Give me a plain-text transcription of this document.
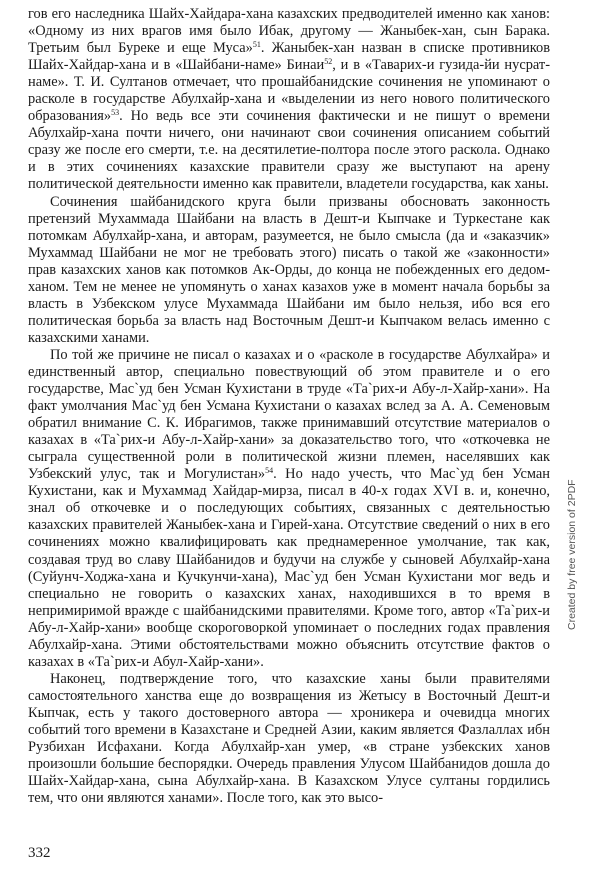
гов его наследника Шайх-Хайдара-хана казахских предводителей именно как ханов: «Одному из них врагов имя было Ибак, другому — Жаныбек-хан, сын Барака. Третьим был Буреке и еще Муса»$^{51}$. Жаныбек-хан назван в списке противников Шайх-Хайдар-хана и в «Шайбани-наме» Бинаи$^{52}$, и в «Таварих-и гузида-йи нусрат-наме». Т. И. Султанов отмечает, что прошайбанидские сочинения не упоминают о расколе в государстве Абулхайр-хана и «выделении из него нового политического образования»$^{53}$. Но ведь все эти сочинения фактически и не пишут о времени Абулхайр-хана почти ничего, они начинают свои сочинения описанием событий сразу же после его смерти, т.е. на десятилетие-полтора после этого раскола. Однако и в этих сочинениях казахские правители сразу же выступают на арену политической деятельности именно как правители, владетели государства, как ханы.

Сочинения шайбанидского круга были призваны обосновать законность претензий Мухаммада Шайбани на власть в Дешт-и Кыпчаке и Туркестане как потомкам Абулхайр-хана, и авторам, разумеется, не было смысла (да и «заказчик» Мухаммад Шайбани не мог не требовать этого) писать о такой же «законности» прав казахских ханов как потомков Ак-Орды, до конца не побежденных его дедом-ханом. Тем не менее не упомянуть о ханах казахов уже в момент начала борьбы за власть в Узбекском улусе Мухаммада Шайбани им было нельзя, ибо вся его политическая борьба за власть над Восточным Дешт-и Кыпчаком велась именно с казахскими ханами.

По той же причине не писал о казахах и о «расколе в государстве Абулхайра» и единственный автор, специально повествующий об этом правителе и о его государстве, Мас`уд бен Усман Кухистани в труде «Та`рих-и Абу-л-Хайр-хани». На факт умолчания Мас`уд бен Усмана Кухистани о казахах вслед за А. А. Семеновым обратил внимание С. К. Ибрагимов, также принимавший отсутствие материалов о казахах в «Та`рих-и Абу-л-Хайр-хани» за доказательство того, что «откочевка не сыграла существенной роли в политической жизни племен, населявших как Узбекский улус, так и Могулистан»$^{54}$. Но надо учесть, что Мас`уд бен Усман Кухистани, как и Мухаммад Хайдар-мирза, писал в 40-х годах XVI в. и, конечно, знал об откочевке и о последующих событиях, связанных с деятельностью казахских правителей Жаныбек-хана и Гирей-хана. Отсутствие сведений о них в его сочинениях можно квалифицировать как преднамеренное умолчание, так как, создавая труд во славу Шайбанидов и будучи на службе у сыновей Абулхайр-хана (Суйунч-Ходжа-хана и Кучкунчи-хана), Мас`уд бен Усман Кухистани мог ведь и специально не говорить о казахских ханах, находившихся в то время в непримиримой вражде с шайбанидскими правителями. Кроме того, автор «Та`рих-и Абу-л-Хайр-хани» вообще скороговоркой упоминает о последних годах правления Абулхайр-хана. Этими обстоятельствами можно объяснить отсутствие фактов о казахах в «Та`рих-и Абул-Хайр-хани».

Наконец, подтверждение того, что казахские ханы были правителями самостоятельного ханства еще до возвращения из Жетысу в Восточный Дешт-и Кыпчак, есть у такого достоверного автора — хроникера и очевидца многих событий того времени в Казахстане и Средней Азии, каким является Фазлаллах ибн Рузбихан Исфахани. Когда Абулхайр-хан умер, «в стране узбекских ханов произошли большие беспорядки. Очередь правления Улусом Шайбанидов дошла до Шайх-Хайдар-хана, сына Абулхайр-хана. В Казахском Улусе султаны гордились тем, что они являются ханами». После того, как это высо-

332
Created by free version of 2PDF
